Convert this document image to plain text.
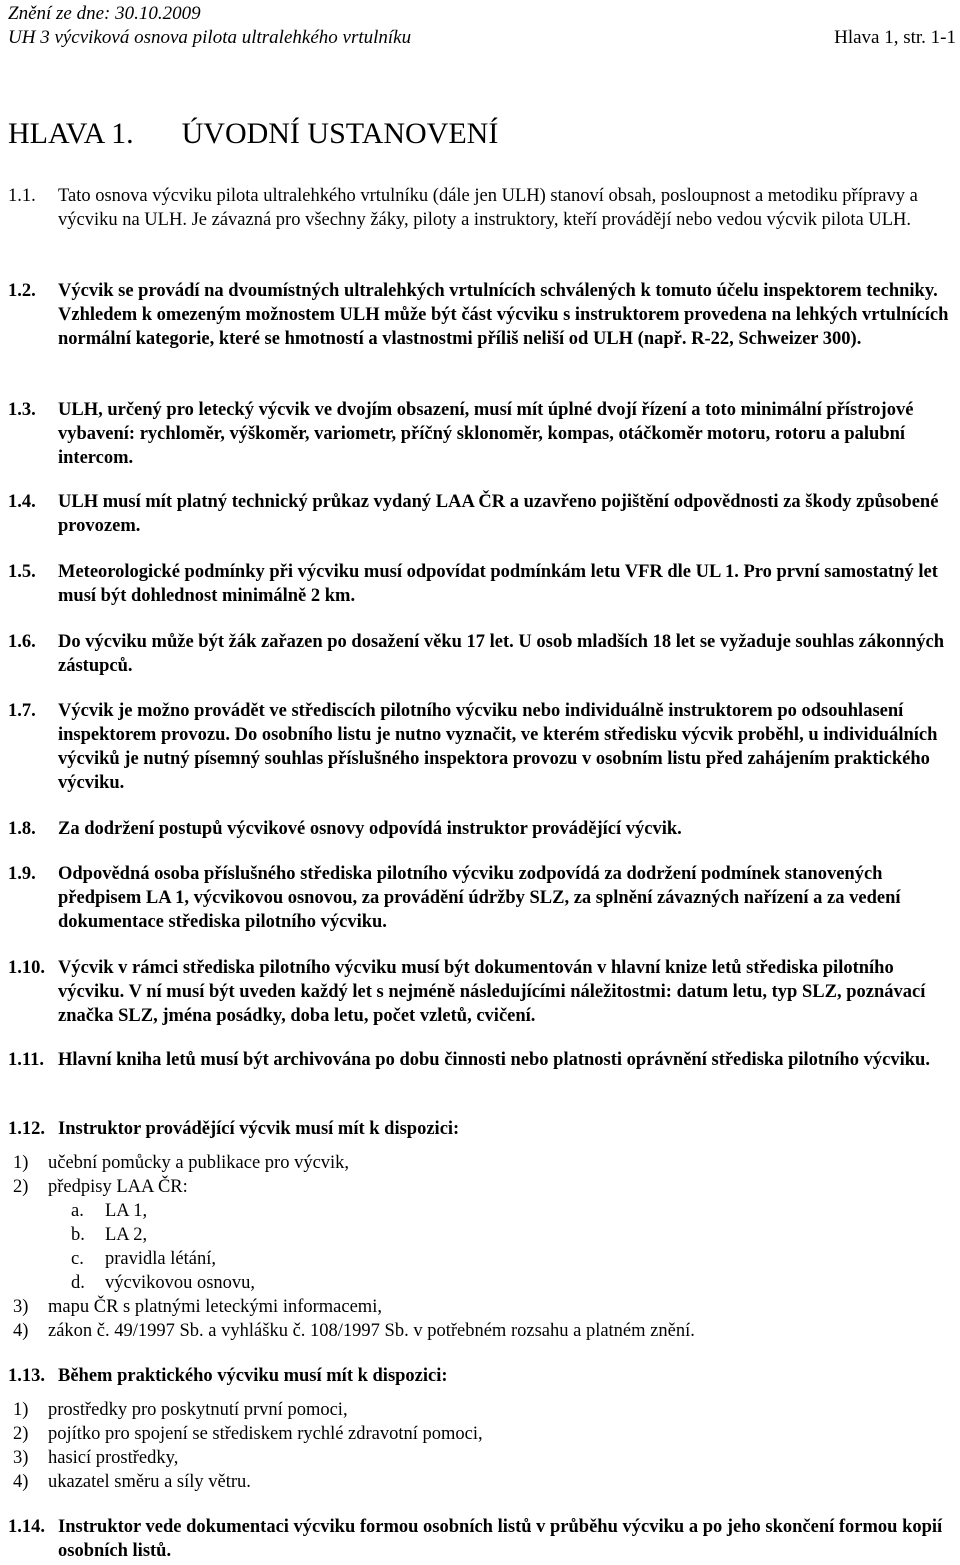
Znění ze dne: 30.10.2009
UH 3 výcviková osnova pilota ultralehkého vrtulníku	Hlava 1, str. 1-1
HLAVA 1. ÚVODNÍ USTANOVENÍ
1.1. Tato osnova výcviku pilota ultralehkého vrtulníku (dále jen ULH) stanoví obsah, posloupnost a metodiku přípravy a výcviku na ULH. Je závazná pro všechny žáky, piloty a instruktory, kteří provádějí nebo vedou výcvik pilota ULH.
1.2. Výcvik se provádí na dvoumístných ultralehkých vrtulnících schválených k tomuto účelu inspektorem techniky. Vzhledem k omezeným možnostem ULH může být část výcviku s instruktorem provedena na lehkých vrtulnících normální kategorie, které se hmotností a vlastnostmi příliš neliší od ULH (např. R-22, Schweizer 300).
1.3. ULH, určený pro letecký výcvik ve dvojím obsazení, musí mít úplné dvojí řízení a toto minimální přístrojové vybavení: rychloměr, výškoměr, variometr, příčný sklonoměr, kompas, otáčkoměr motoru, rotoru a palubní intercom.
1.4. ULH musí mít platný technický průkaz vydaný LAA ČR a uzavřeno pojištění odpovědnosti za škody způsobené provozem.
1.5. Meteorologické podmínky při výcviku musí odpovídat podmínkám letu VFR dle UL 1. Pro první samostatný let musí být dohlednost minimálně 2 km.
1.6. Do výcviku může být žák zařazen po dosažení věku 17 let. U osob mladších 18 let se vyžaduje souhlas zákonných zástupců.
1.7. Výcvik je možno provádět ve střediscích pilotního výcviku nebo individuálně instruktorem po odsouhlasení inspektorem provozu. Do osobního listu je nutno vyznačit, ve kterém středisku výcvik proběhl, u individuálních výcviků je nutný písemný souhlas příslušného inspektora provozu v osobním listu před zahájením praktického výcviku.
1.8. Za dodržení postupů výcvikové osnovy odpovídá instruktor provádějící výcvik.
1.9. Odpovědná osoba příslušného střediska pilotního výcviku zodpovídá za dodržení podmínek stanovených předpisem LA 1, výcvikovou osnovou, za provádění údržby SLZ, za splnění závazných nařízení a za vedení dokumentace střediska pilotního výcviku.
1.10. Výcvik v rámci střediska pilotního výcviku musí být dokumentován v hlavní knize letů střediska pilotního výcviku. V ní musí být uveden každý let s nejméně následujícími náležitostmi: datum letu, typ SLZ, poznávací značka SLZ, jména posádky, doba letu, počet vzletů, cvičení.
1.11. Hlavní kniha letů musí být archivována po dobu činnosti nebo platnosti oprávnění střediska pilotního výcviku.
1.12. Instruktor provádějící výcvik musí mít k dispozici:
1) učební pomůcky a publikace pro výcvik,
2) předpisy LAA ČR:
a. LA 1,
b. LA 2,
c. pravidla létání,
d. výcvikovou osnovu,
3) mapu ČR s platnými leteckými informacemi,
4) zákon č. 49/1997 Sb. a vyhlášku č. 108/1997 Sb. v potřebném rozsahu a platném znění.
1.13. Během praktického výcviku musí mít k dispozici:
1) prostředky pro poskytnutí první pomoci,
2) pojítko pro spojení se střediskem rychlé zdravotní pomoci,
3) hasicí prostředky,
4) ukazatel směru a síly větru.
1.14. Instruktor vede dokumentaci výcviku formou osobních listů v průběhu výcviku a po jeho skončení formou kopií osobních listů.
